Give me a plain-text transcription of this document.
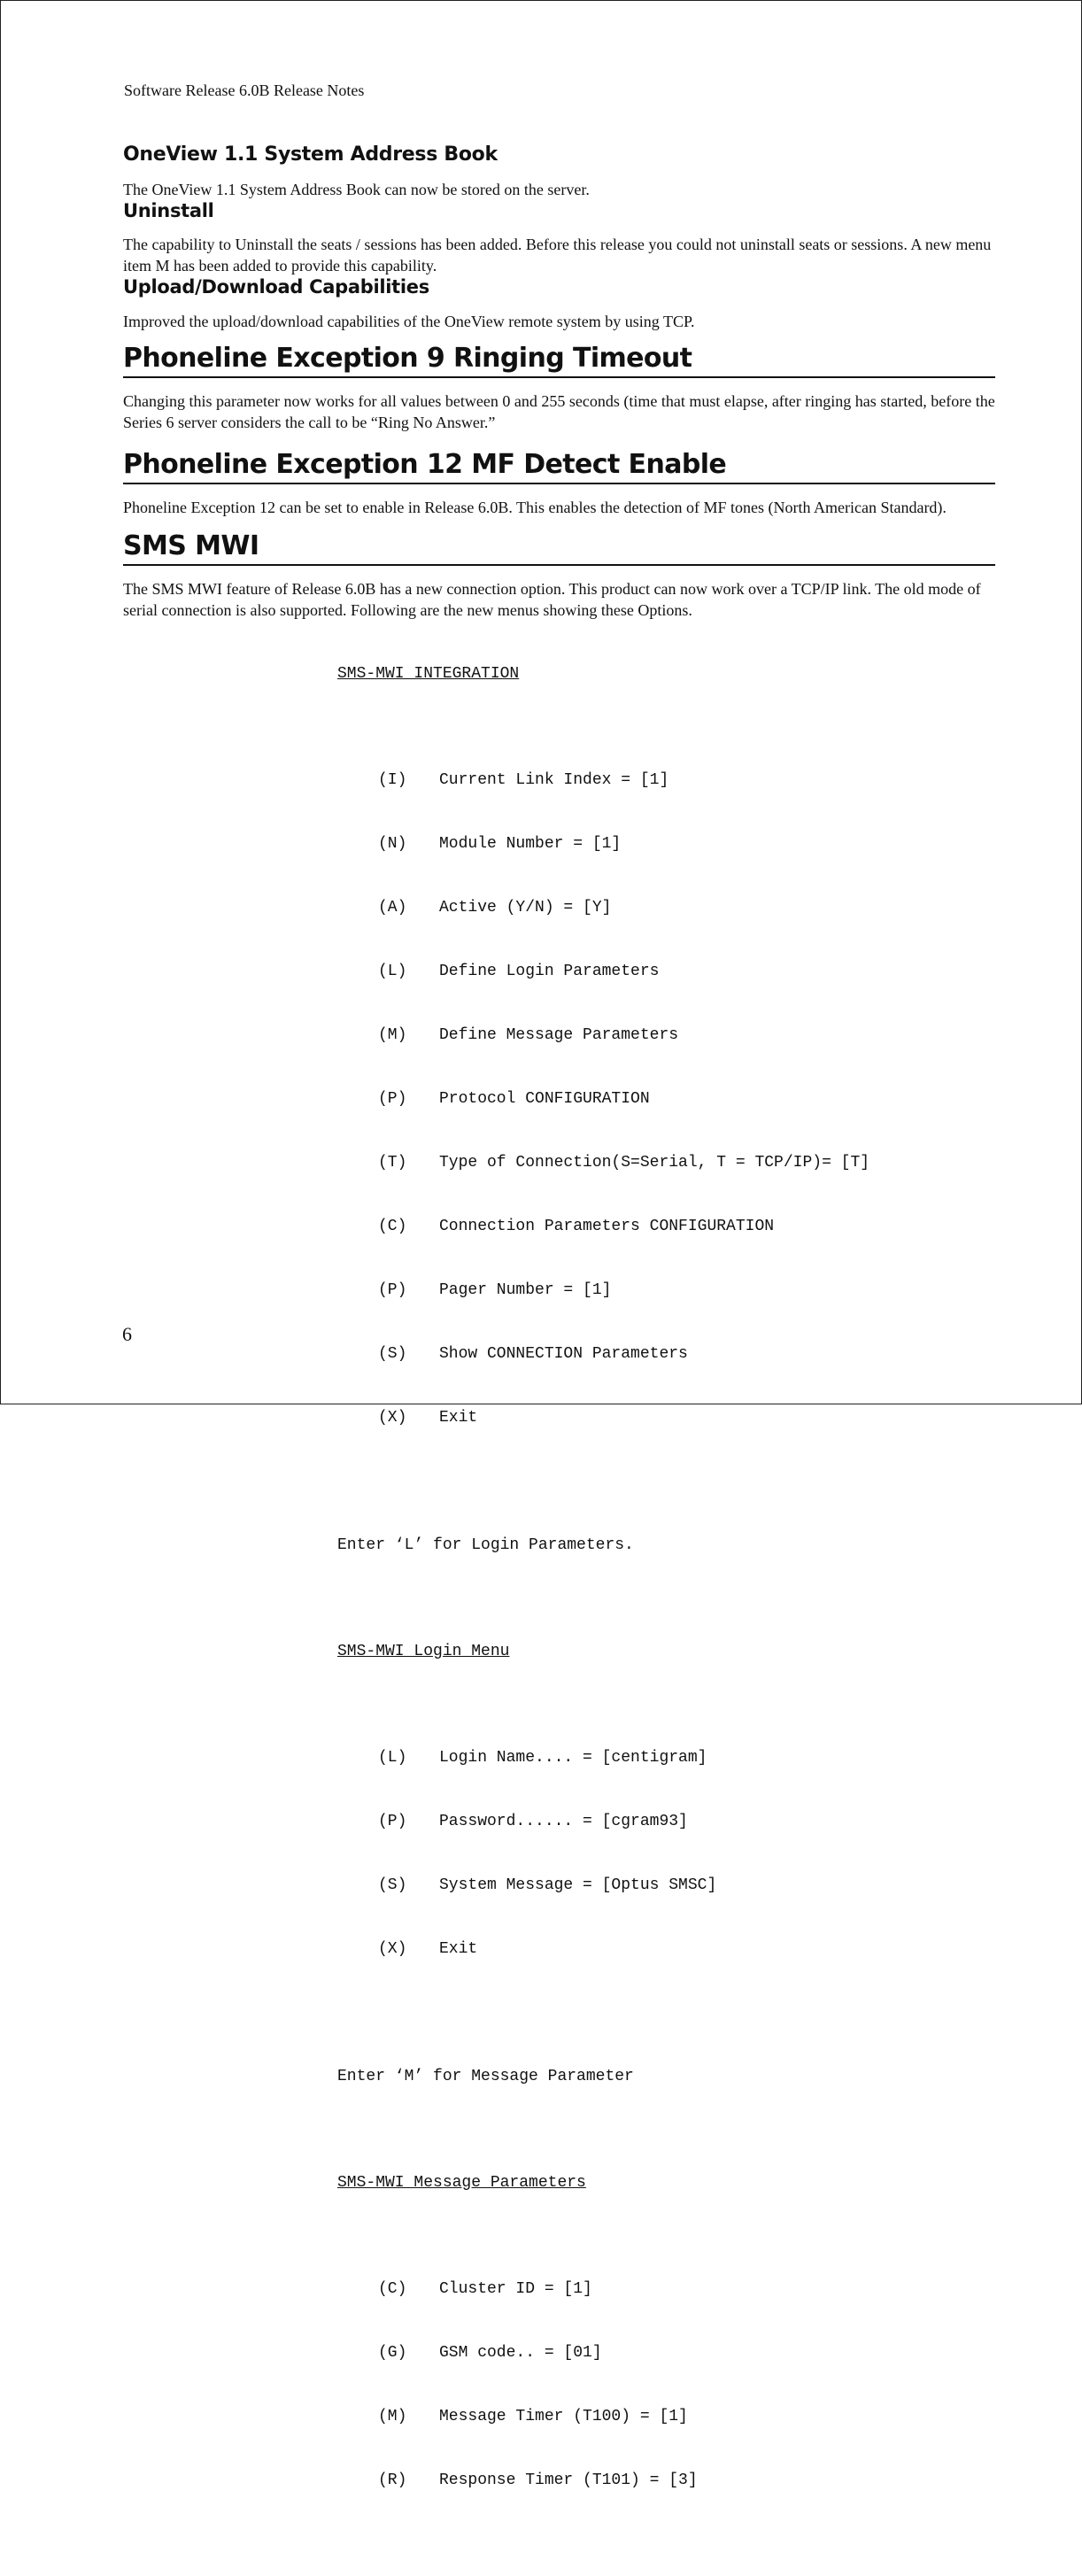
Software Release 6.0B Release Notes
OneView 1.1 System Address Book

The OneView 1.1 System Address Book can now be stored on the server.

Uninstall

The capability to Uninstall the seats / sessions has been added. Before this release you could not uninstall seats or sessions. A new menu item M has been added to provide this capability.

Upload/Download Capabilities

Improved the upload/download capabilities of the OneView remote system by using TCP.

Phoneline Exception 9 Ringing Timeout

Changing this parameter now works for all values between 0 and 255 seconds (time that must elapse, after ringing has started, before the Series 6 server considers the call to be “Ring No Answer.”

Phoneline Exception 12 MF Detect Enable

Phoneline Exception 12 can be set to enable in Release 6.0B. This enables the detection of MF tones (North American Standard).

SMS MWI

The SMS MWI feature of Release 6.0B has a new connection option. This product can now work over a TCP/IP link. The old mode of serial connection is also supported. Following are the new menus showing these Options.

SMS-MWI INTEGRATION

(I)	Current Link Index = [1]

(N)	Module Number = [1]

(A)	Active (Y/N) = [Y]

(L)	Define Login Parameters

(M)	Define Message Parameters

(P)	Protocol CONFIGURATION

(T)	Type of Connection(S=Serial, T = TCP/IP)= [T]

(C)	Connection Parameters CONFIGURATION

(P)	Pager Number = [1]

(S)	Show CONNECTION Parameters

(X)	Exit

Enter ‘L’ for Login Parameters.

SMS-MWI Login Menu

(L)	Login Name.... = [centigram]

(P)	Password...... = [cgram93]

(S)	System Message = [Optus SMSC]

(X)	Exit

Enter ‘M’ for Message Parameter

SMS-MWI Message Parameters

(C)	Cluster ID = [1]

(G)	GSM code.. = [01]

(M)	Message Timer (T100) = [1]

(R)	Response Timer (T101) = [3]

6
